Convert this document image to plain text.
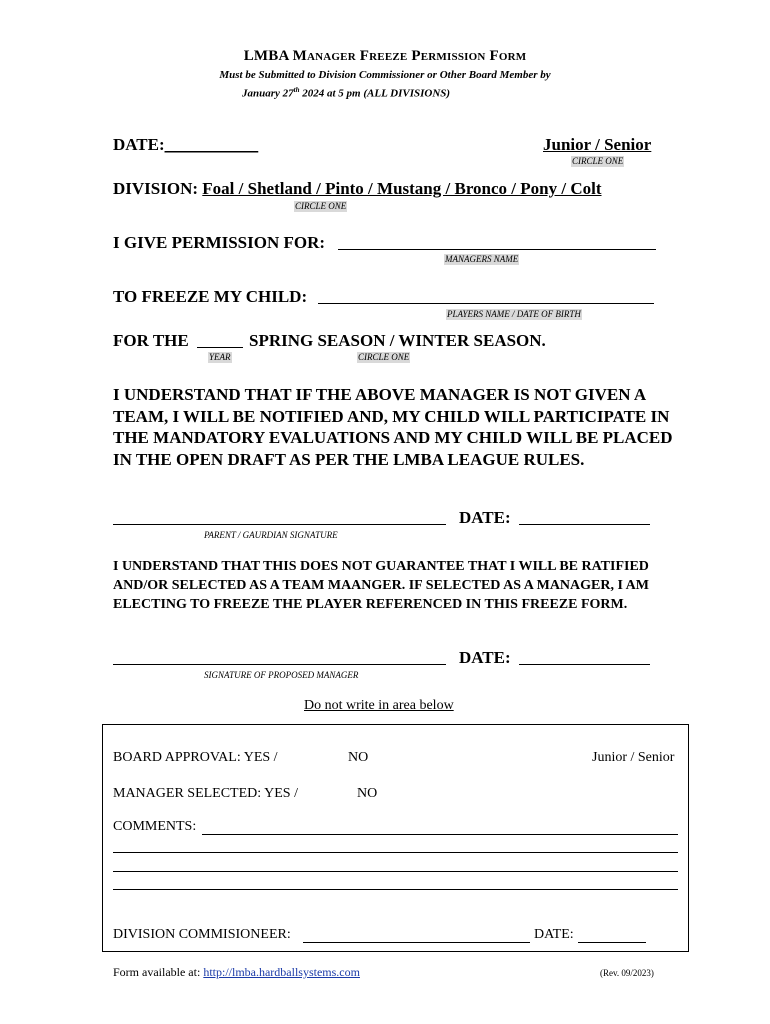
LMBA Manager Freeze Permission Form
Must be Submitted to Division Commissioner or Other Board Member by
January 27th 2024 at 5 pm (ALL DIVISIONS)
DATE:___________	Junior / Senior
CIRCLE ONE
DIVISION: Foal / Shetland / Pinto / Mustang / Bronco / Pony / Colt
CIRCLE ONE
I GIVE PERMISSION FOR:
MANAGERS NAME
TO FREEZE MY CHILD:
PLAYERS NAME / DATE OF BIRTH
FOR THE	SPRING SEASON / WINTER SEASON.
YEAR	CIRCLE ONE
I UNDERSTAND THAT IF THE ABOVE MANAGER IS NOT GIVEN A TEAM, I WILL BE NOTIFIED AND, MY CHILD WILL PARTICIPATE IN THE MANDATORY EVALUATIONS AND MY CHILD WILL BE PLACED IN THE OPEN DRAFT AS PER THE LMBA LEAGUE RULES.
DATE:
PARENT / GAURDIAN SIGNATURE
I UNDERSTAND THAT THIS DOES NOT GUARANTEE THAT I WILL BE RATIFIED AND/OR SELECTED AS A TEAM MAANGER. IF SELECTED AS A MANAGER, I AM ELECTING TO FREEZE THE PLAYER REFERENCED IN THIS FREEZE FORM.
DATE:
SIGNATURE OF PROPOSED MANAGER
Do not write in area below
BOARD APPROVAL: YES /	NO	Junior / Senior
MANAGER SELECTED: YES /	NO
COMMENTS:
DIVISION COMMISIONEER:	DATE:
Form available at: http://lmba.hardballsystems.com	(Rev. 09/2023)
